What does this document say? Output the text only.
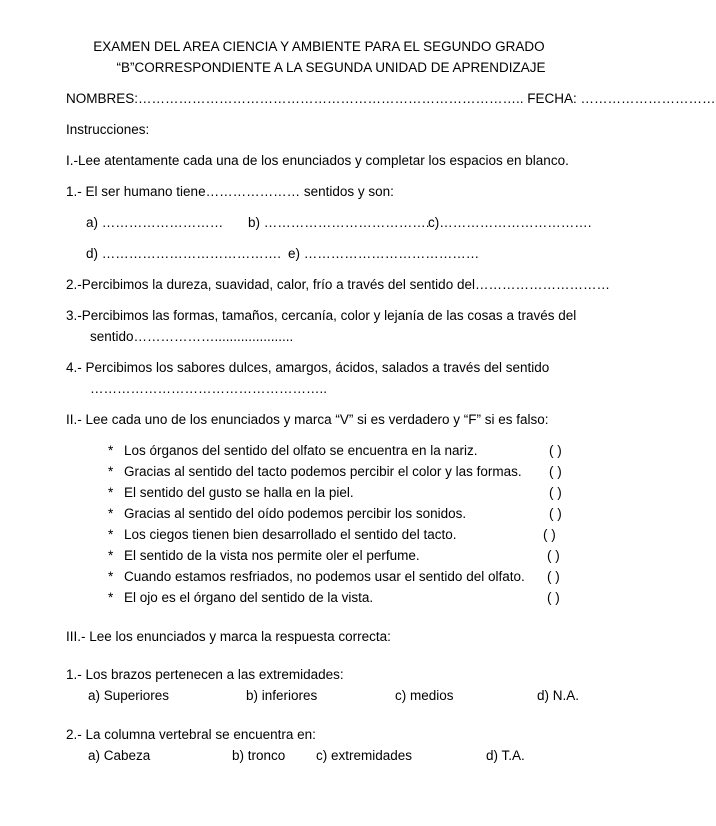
EXAMEN DEL AREA CIENCIA Y AMBIENTE PARA EL SEGUNDO GRADO
“B”CORRESPONDIENTE A LA SEGUNDA UNIDAD DE APRENDIZAJE
NOMBRES:………………………………………………………………………….. FECHA: …………………………
Instrucciones:
I.-Lee atentamente cada una de los enunciados y completar los espacios en blanco.
1.- El ser humano tiene………………… sentidos y son:
a) ……………………… b) ……………………………….
c)…………………………….
d) …………………………………. e) …………………………………
2.-Percibimos la dureza, suavidad, calor, frío a través del sentido del…………………………
3.-Percibimos las formas, tamaños, cercanía, color y lejanía de las cosas a través del
sentido……………….....................
4.- Percibimos los sabores dulces, amargos, ácidos, salados a través del sentido
……………………………………………..
II.- Lee cada uno de los enunciados y marca “V” si es verdadero y “F” si es falso:
* Los órganos del sentido del olfato se encuentra en la nariz.	( )
* Gracias al sentido del tacto podemos percibir el color y las formas. ( )
* El sentido del gusto se halla en la piel.	( )
* Gracias al sentido del oído podemos percibir los sonidos.	( )
* Los ciegos tienen bien desarrollado el sentido del tacto.	( )
* El sentido de la vista nos permite oler el perfume.	( )
* Cuando estamos resfriados, no podemos usar el sentido del olfato. ( )
* El ojo es el órgano del sentido de la vista.	( )
III.- Lee los enunciados y marca la respuesta correcta:
1.- Los brazos pertenecen a las extremidades:
a) Superiores	b) inferiores	c) medios	d) N.A.
2.- La columna vertebral se encuentra en:
a) Cabeza	b) tronco c) extremidades	d) T.A.
